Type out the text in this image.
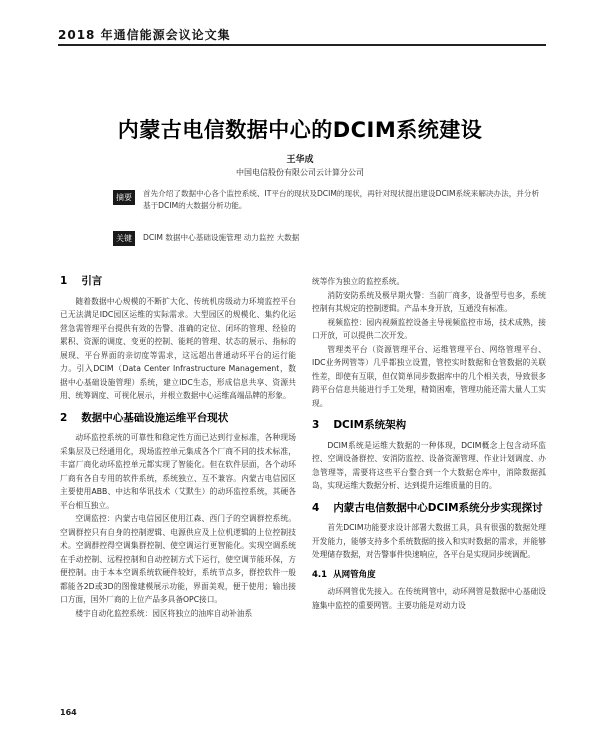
2018 年通信能源会议论文集
内蒙古电信数据中心的DCIM系统建设
王华成
中国电信股份有限公司云计算分公司
摘要	首先介绍了数据中心各个监控系统、IT平台的现状及DCIM的现状，再针对现状提出建设DCIM系统来解决办法，并分析基于DCIM的大数据分析功能。
关键词
DCIM 数据中心基础设施管理 动力监控 大数据
1 引言

随着数据中心规模的不断扩大化、传统机房级动力环境监控平台已无法满足IDC园区运维的实际需求。大型园区的规模化、集约化运营急需管理平台提供有效的告警、准确的定位、闭环的管理、经验的累积、资源的调度、变更的控制、能耗的管理、状态的展示、指标的展现、平台界面的亲切度等需求，这远超出普通动环平台的运行能力。引入DCIM（Data Center Infrastructure Management，数据中心基础设施管理）系统，建立IDC生态，形成信息共享、资源共用、统筹调度、可视化展示，并根立数据中心运维高端品牌的形象。

2 数据中心基础设施运维平台现状

动环监控系统的可靠性和稳定性方面已达到行业标准，各种现场采集层及已经通用化，现场监控单元集成各个厂商不同的技术标准，丰富厂商化动环监控单元都实现了智能化。但在软件层面，各个动环厂商有各自专用的软件系统，系统独立、互不兼容。内蒙古电信园区主要使用ABB、中达和华讯技术（艾默生）的动环监控系统，其硬各平台相互独立。

空调监控：内蒙古电信园区使用江森、西门子的空调群控系统。空调群控只有自身的控制逻辑、电源供应及上位机逻辑的上位控制技术。空调群控得空调集群控制、使空调运行更智能化。实现空调系统在手动控制、远程控制和自动控制方式下运行，使空调节能环保，方便控制。由于本本空调系统软硬件较好，系统节点多，群控软件一般都能各2D或3D的图像建模展示功能，界面美观，便于使用；输出接口方面，国外厂商的上位产品多具备OPC接口。

楼宇自动化监控系统：园区将独立的油库自动补油系

统等作为独立的监控系统。

消防安防系统及极早期火警：当前厂商多，设备型号也多，系统控制有其规定的控制逻辑。产品本身开放，互通没有标准。

视频监控：园内视频监控设备主导视频监控市场，技术成熟，接口开放，可以提供二次开发。

管理类平台（资源管理平台、运维管理平台、网络管理平台、IDC业务网管等）几乎都独立设置，管控实时数据和仓管数据的关联性差，即使有互联，但仅简单同步数据库中的几个相关表，导致很多跨平台信息共能进行手工处理，精简困难，管理功能还需大量人工实现。

3 DCIM系统架构

DCIM系统是运维大数据的一种体现，DCIM概念上包含动环监控、空调设备群控、安消防监控、设备资源管理、作业计划调度、办急管理等，需要将这些平台整合到一个大数据仓库中，消除数据孤岛，实现运维大数据分析、达到提升运维质量的目的。

4 内蒙古电信数据中心DCIM系统分步实现探讨

首先DCIM功能要求设计部署大数据工具，具有很强的数据处理开发能力，能够支持多个系统数据的接入和实时数据的需求，并能够处理储存数据，对告警事件快速响应，各平台是实现同步统调配。

4.1 从网管角度

动环网管优先接入。在传统网管中，动环网管是数据中心基础设施集中监控的重要网管。主要功能是对动力设

164
